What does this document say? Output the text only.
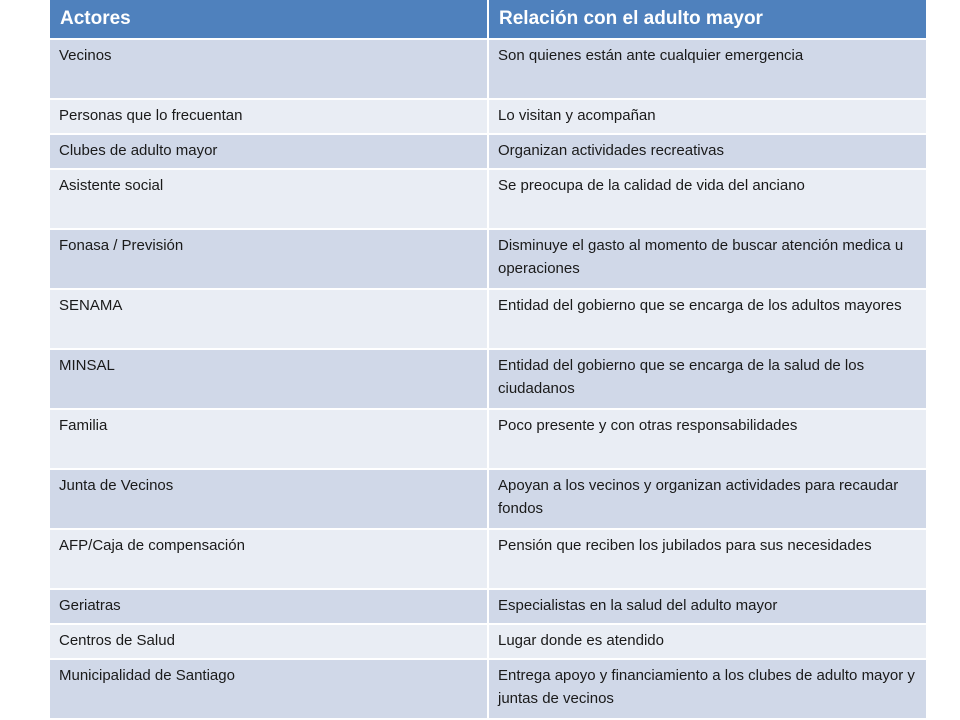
Actores	Relación con el adulto mayor
Vecinos	Son quienes están ante cualquier emergencia
Personas que lo frecuentan	Lo visitan y acompañan
Clubes de adulto mayor	Organizan actividades recreativas
Asistente social	Se preocupa de la calidad de vida del anciano
Fonasa / Previsión	Disminuye el gasto al momento de buscar atención medica u operaciones
SENAMA	Entidad del gobierno que se encarga de los adultos mayores
MINSAL	Entidad del gobierno que se encarga de la salud de los ciudadanos
Familia	Poco presente y con otras responsabilidades
Junta de Vecinos	Apoyan a los vecinos y organizan actividades para recaudar fondos
AFP/Caja de compensación	Pensión que reciben los jubilados para sus necesidades
Geriatras	Especialistas en la salud del adulto mayor
Centros de Salud	Lugar donde es atendido
Municipalidad de Santiago	Entrega apoyo y financiamiento a los clubes de adulto mayor y juntas de vecinos
